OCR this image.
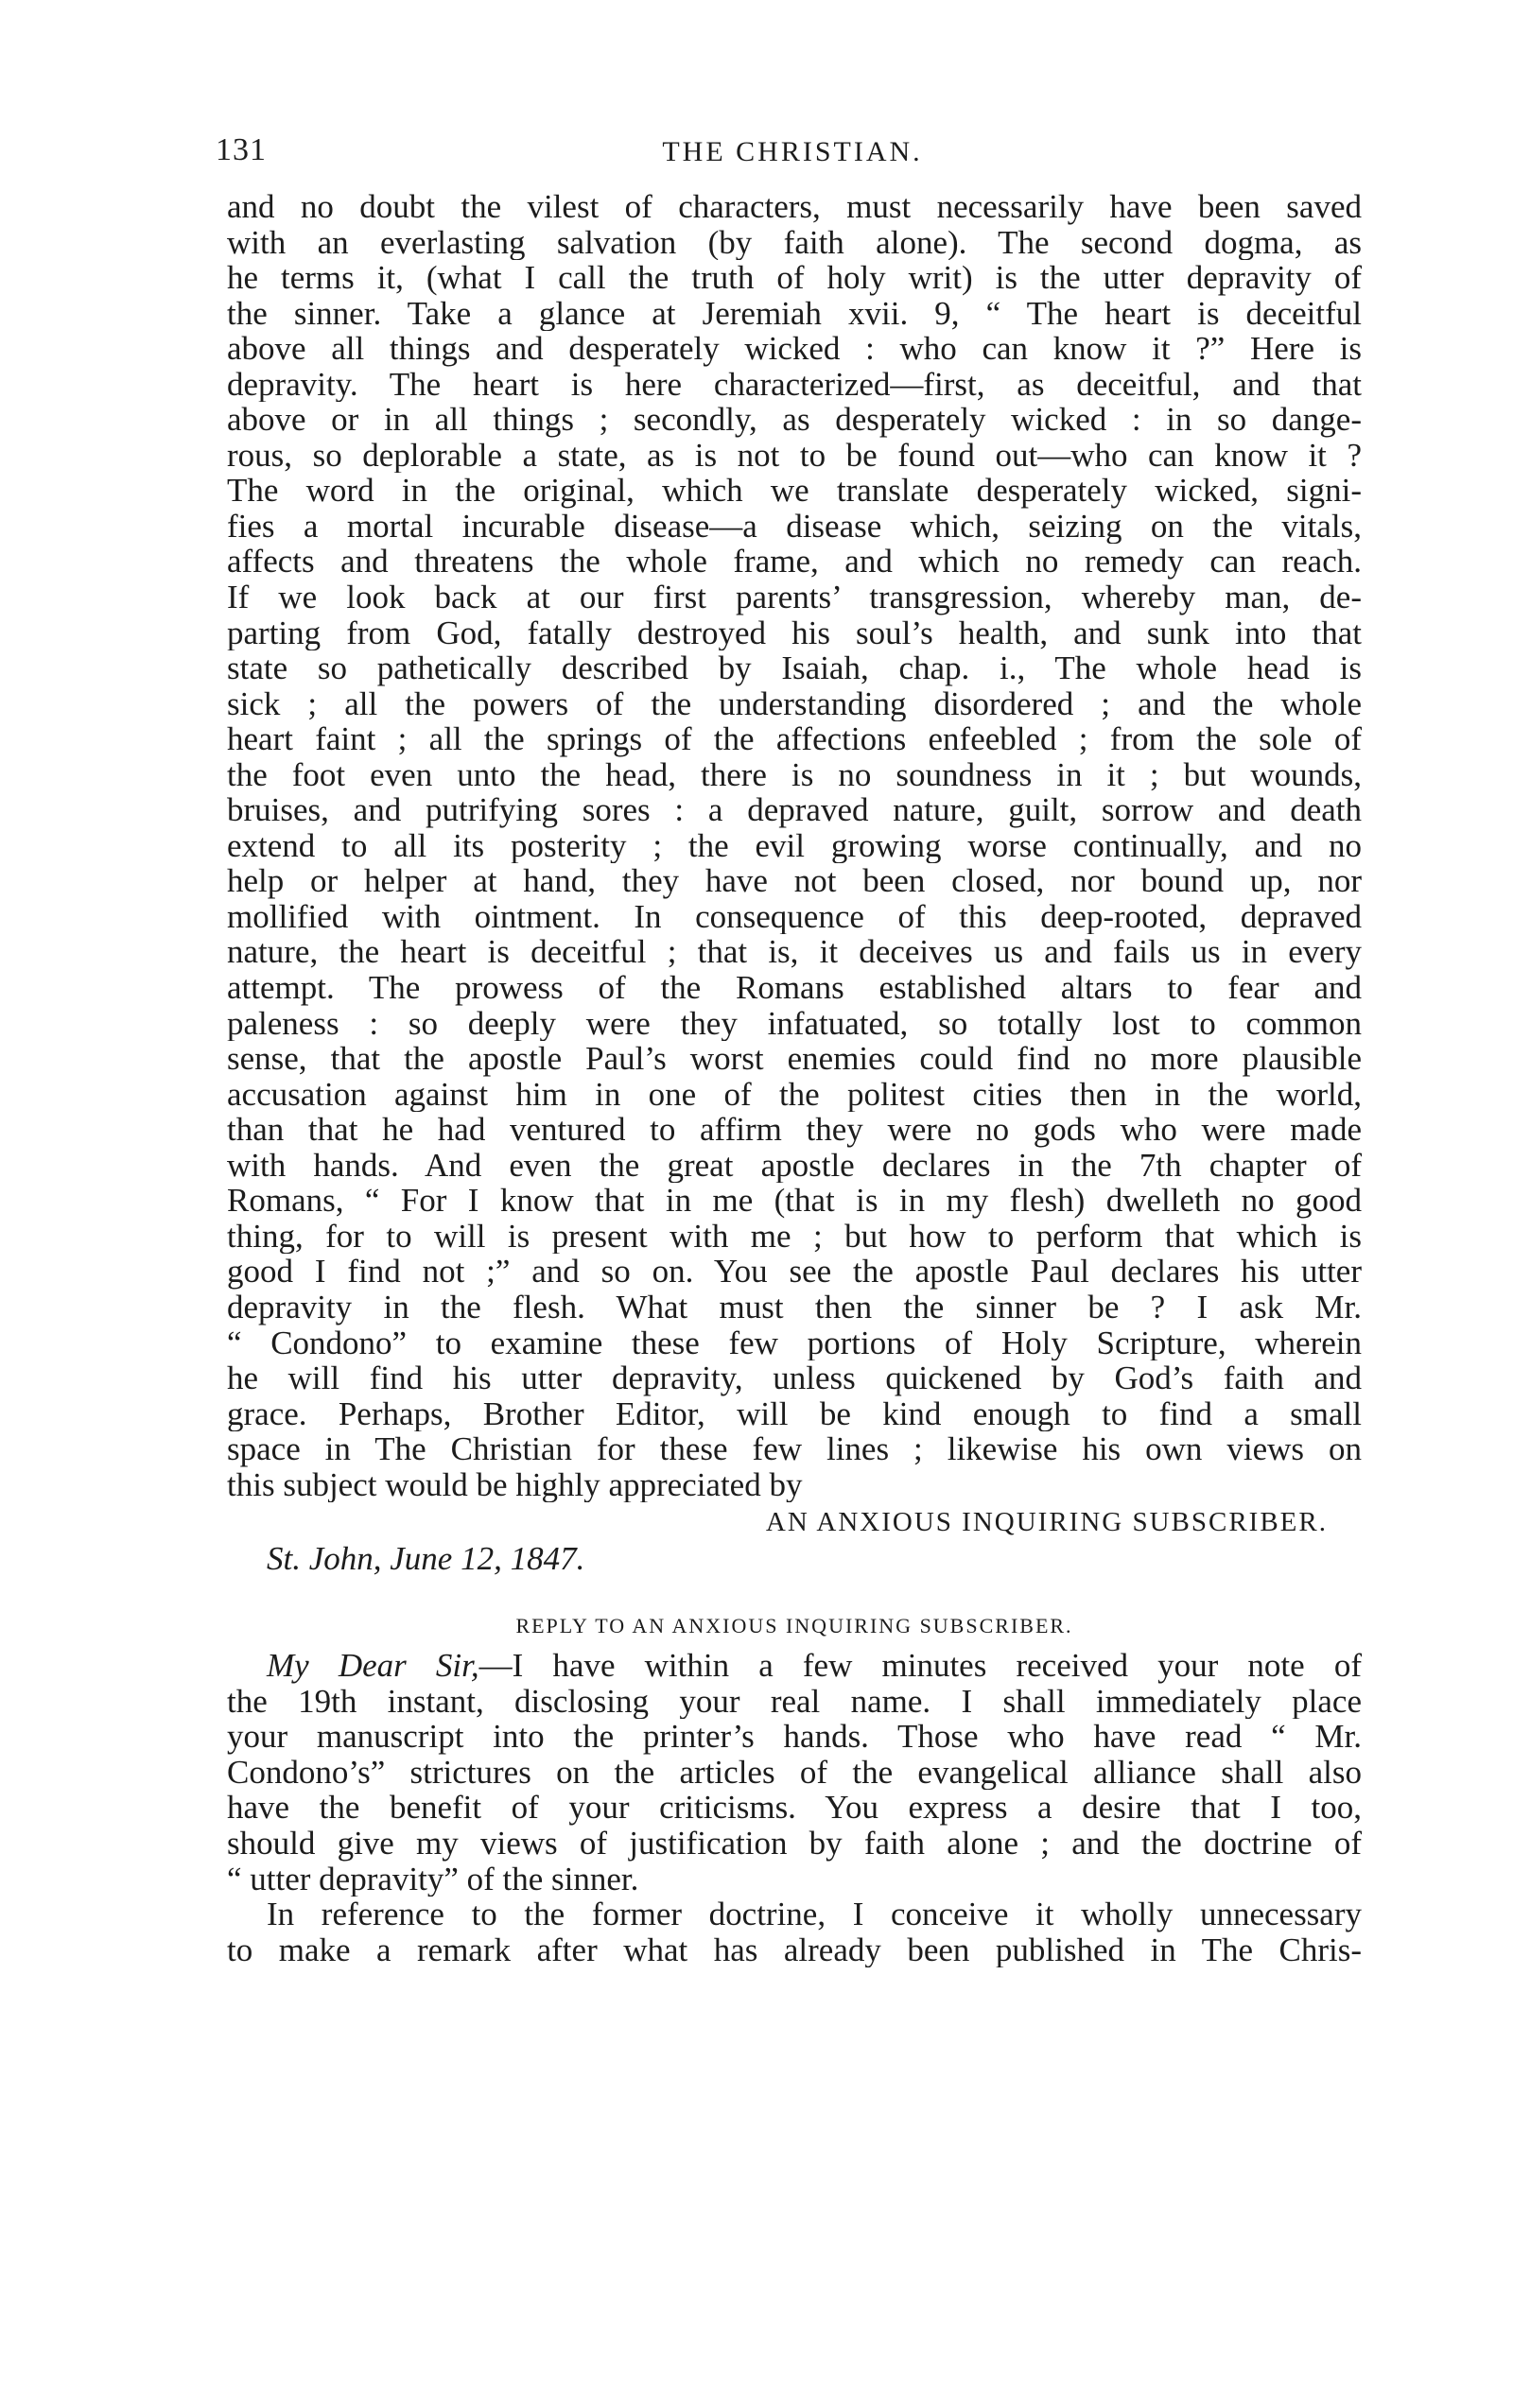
131	THE CHRISTIAN.
and no doubt the vilest of characters, must necessarily have been saved
with an everlasting salvation (by faith alone). The second dogma, as
he terms it, (what I call the truth of holy writ) is the utter depravity of
the sinner. Take a glance at Jeremiah xvii. 9, “ The heart is deceitful
above all things and desperately wicked : who can know it ?” Here is
depravity. The heart is here characterized—first, as deceitful, and that
above or in all things ; secondly, as desperately wicked : in so dange-
rous, so deplorable a state, as is not to be found out—who can know it ?
The word in the original, which we translate desperately wicked, signi-
fies a mortal incurable disease—a disease which, seizing on the vitals,
affects and threatens the whole frame, and which no remedy can reach.
If we look back at our first parents’ transgression, whereby man, de-
parting from God, fatally destroyed his soul’s health, and sunk into that
state so pathetically described by Isaiah, chap. i., The whole head is
sick ; all the powers of the understanding disordered ; and the whole
heart faint ; all the springs of the affections enfeebled ; from the sole of
the foot even unto the head, there is no soundness in it ; but wounds,
bruises, and putrifying sores : a depraved nature, guilt, sorrow and death
extend to all its posterity ; the evil growing worse continually, and no
help or helper at hand, they have not been closed, nor bound up, nor
mollified with ointment. In consequence of this deep-rooted, depraved
nature, the heart is deceitful ; that is, it deceives us and fails us in every
attempt. The prowess of the Romans established altars to fear and
paleness : so deeply were they infatuated, so totally lost to common
sense, that the apostle Paul’s worst enemies could find no more plausible
accusation against him in one of the politest cities then in the world,
than that he had ventured to affirm they were no gods who were made
with hands. And even the great apostle declares in the 7th chapter of
Romans, “ For I know that in me (that is in my flesh) dwelleth no good
thing, for to will is present with me ; but how to perform that which is
good I find not ;” and so on. You see the apostle Paul declares his utter
depravity in the flesh. What must then the sinner be ? I ask Mr.
“ Condono” to examine these few portions of Holy Scripture, wherein
he will find his utter depravity, unless quickened by God’s faith and
grace. Perhaps, Brother Editor, will be kind enough to find a small
space in The Christian for these few lines ; likewise his own views on
this subject would be highly appreciated by
AN ANXIOUS INQUIRING SUBSCRIBER.
St. John, June 12, 1847.
REPLY TO AN ANXIOUS INQUIRING SUBSCRIBER.
My Dear Sir,—I have within a few minutes received your note of
the 19th instant, disclosing your real name. I shall immediately place
your manuscript into the printer’s hands. Those who have read “ Mr.
Condono’s” strictures on the articles of the evangelical alliance shall also
have the benefit of your criticisms. You express a desire that I too,
should give my views of justification by faith alone ; and the doctrine of
“ utter depravity” of the sinner.
In reference to the former doctrine, I conceive it wholly unnecessary
to make a remark after what has already been published in The Chris-
